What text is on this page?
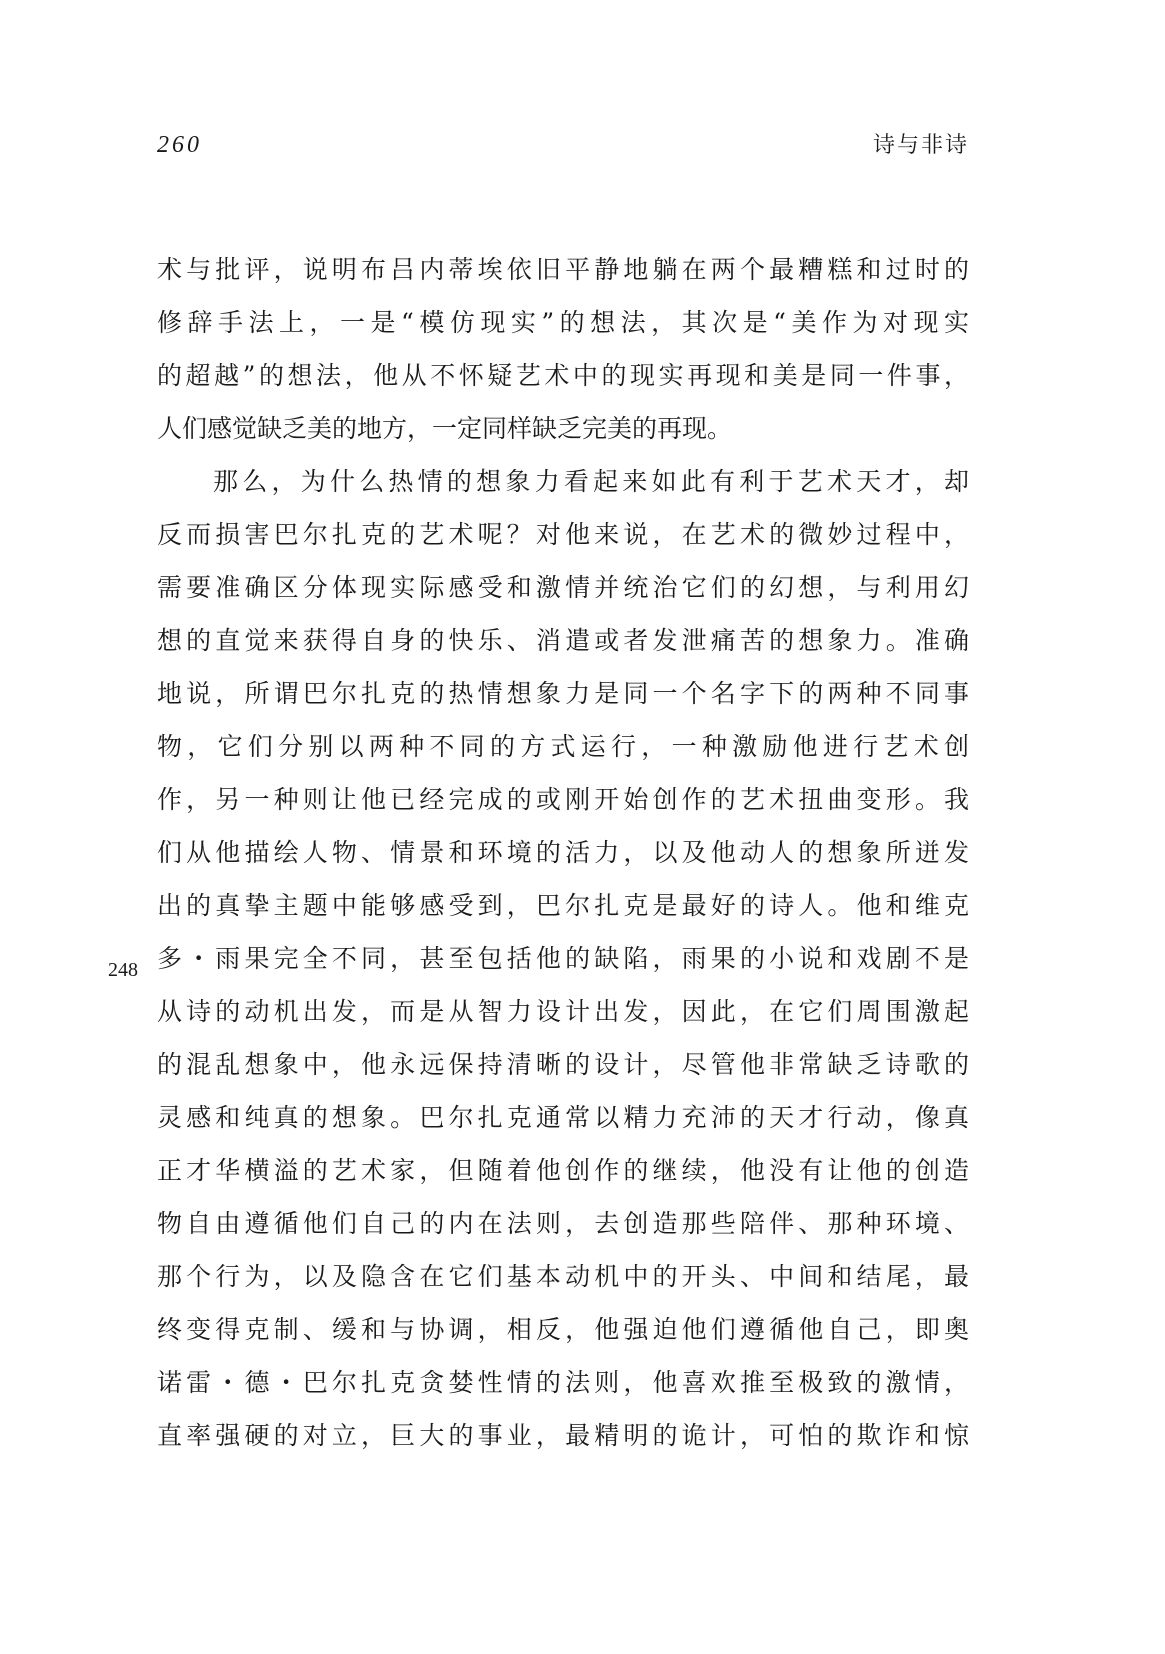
260	诗与非诗
248
术与批评，说明布吕内蒂埃依旧平静地躺在两个最糟糕和过时的
修辞手法上，一是“模仿现实”的想法，其次是“美作为对现实
的超越”的想法，他从不怀疑艺术中的现实再现和美是同一件事，
人们感觉缺乏美的地方，一定同样缺乏完美的再现。
那么，为什么热情的想象力看起来如此有利于艺术天才，却
反而损害巴尔扎克的艺术呢？对他来说，在艺术的微妙过程中，
需要准确区分体现实际感受和激情并统治它们的幻想，与利用幻
想的直觉来获得自身的快乐、消遣或者发泄痛苦的想象力。准确
地说，所谓巴尔扎克的热情想象力是同一个名字下的两种不同事
物，它们分别以两种不同的方式运行，一种激励他进行艺术创
作，另一种则让他已经完成的或刚开始创作的艺术扭曲变形。我
们从他描绘人物、情景和环境的活力，以及他动人的想象所迸发
出的真挚主题中能够感受到，巴尔扎克是最好的诗人。他和维克
多・雨果完全不同，甚至包括他的缺陷，雨果的小说和戏剧不是
从诗的动机出发，而是从智力设计出发，因此，在它们周围激起
的混乱想象中，他永远保持清晰的设计，尽管他非常缺乏诗歌的
灵感和纯真的想象。巴尔扎克通常以精力充沛的天才行动，像真
正才华横溢的艺术家，但随着他创作的继续，他没有让他的创造
物自由遵循他们自己的内在法则，去创造那些陪伴、那种环境、
那个行为，以及隐含在它们基本动机中的开头、中间和结尾，最
终变得克制、缓和与协调，相反，他强迫他们遵循他自己，即奥
诺雷・德・巴尔扎克贪婪性情的法则，他喜欢推至极致的激情，
直率强硬的对立，巨大的事业，最精明的诡计，可怕的欺诈和惊
